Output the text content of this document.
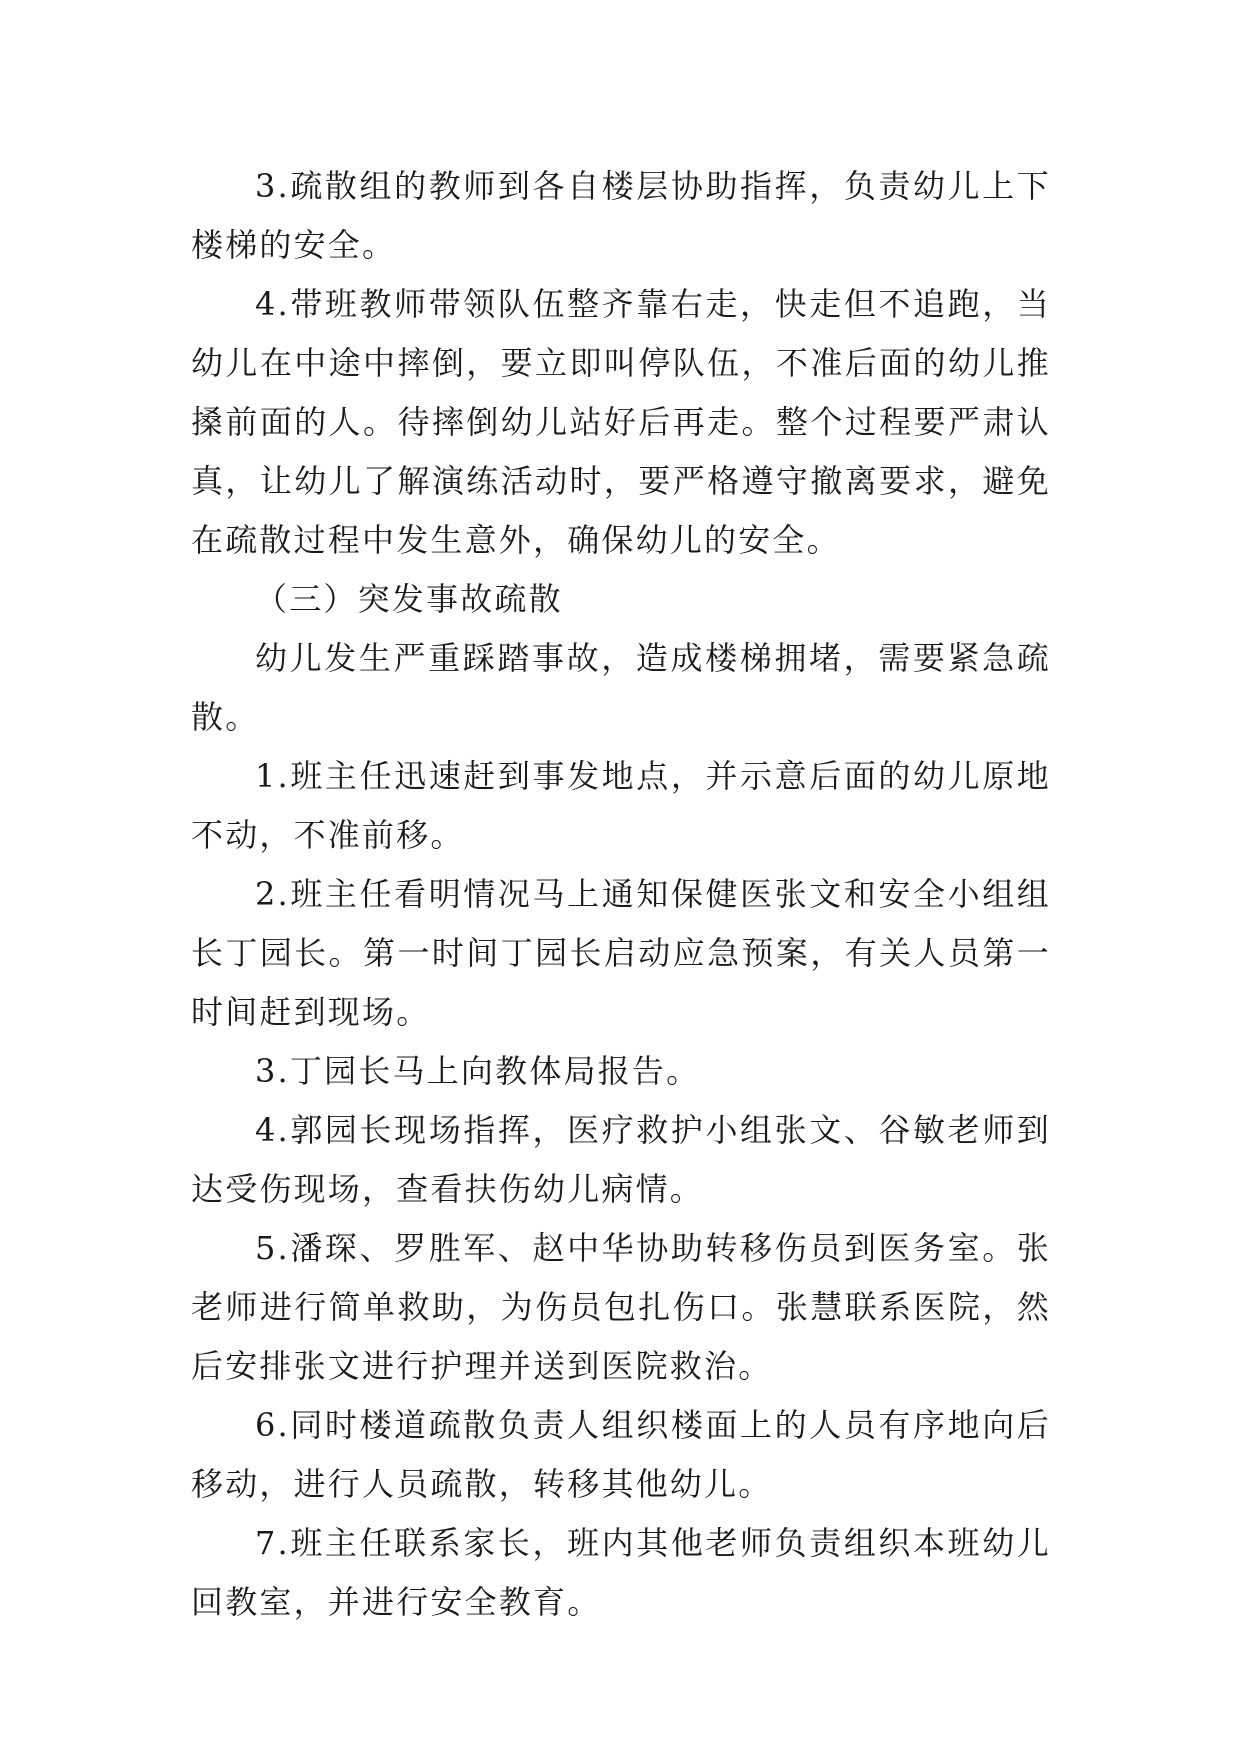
3.疏散组的教师到各自楼层协助指挥，负责幼儿上下楼梯的安全。

4.带班教师带领队伍整齐靠右走，快走但不追跑，当幼儿在中途中摔倒，要立即叫停队伍，不准后面的幼儿推搡前面的人。待摔倒幼儿站好后再走。整个过程要严肃认真，让幼儿了解演练活动时，要严格遵守撤离要求，避免在疏散过程中发生意外，确保幼儿的安全。

（三）突发事故疏散

幼儿发生严重踩踏事故，造成楼梯拥堵，需要紧急疏散。

1.班主任迅速赶到事发地点，并示意后面的幼儿原地不动，不准前移。

2.班主任看明情况马上通知保健医张文和安全小组组长丁园长。第一时间丁园长启动应急预案，有关人员第一时间赶到现场。

3.丁园长马上向教体局报告。

4.郭园长现场指挥，医疗救护小组张文、谷敏老师到达受伤现场，查看扶伤幼儿病情。

5.潘琛、罗胜军、赵中华协助转移伤员到医务室。张老师进行简单救助，为伤员包扎伤口。张慧联系医院，然后安排张文进行护理并送到医院救治。

6.同时楼道疏散负责人组织楼面上的人员有序地向后移动，进行人员疏散，转移其他幼儿。

7.班主任联系家长，班内其他老师负责组织本班幼儿回教室，并进行安全教育。
